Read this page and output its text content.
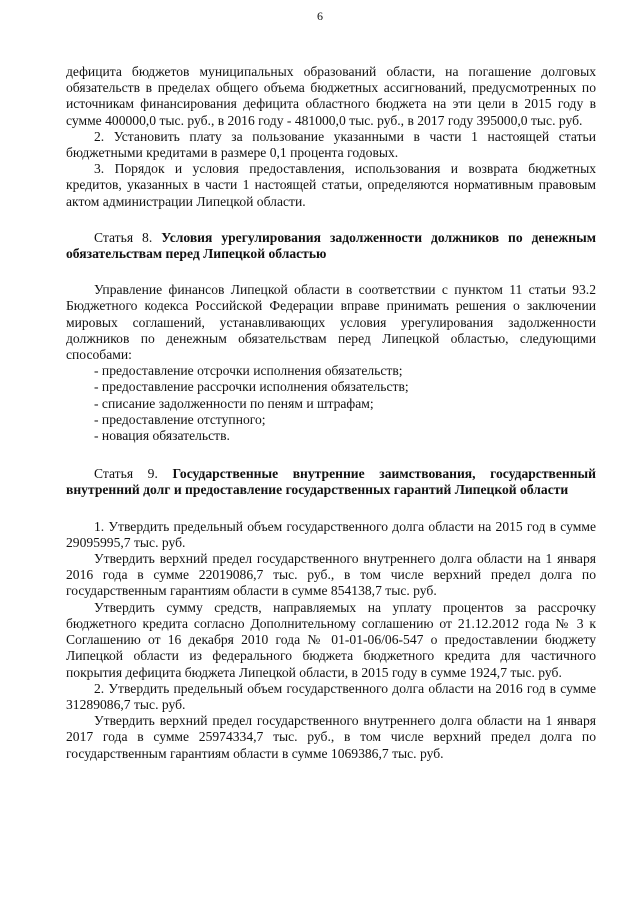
6

дефицита бюджетов муниципальных образований области, на погашение долговых обязательств в пределах общего объема бюджетных ассигнований, предусмотренных по источникам финансирования дефицита областного бюджета на эти цели в 2015 году в сумме 400000,0 тыс. руб., в 2016 году - 481000,0 тыс. руб., в 2017 году 395000,0 тыс. руб.

2. Установить плату за пользование указанными в части 1 настоящей статьи бюджетными кредитами в размере 0,1 процента годовых.

3. Порядок и условия предоставления, использования и возврата бюджетных кредитов, указанных в части 1 настоящей статьи, определяются нормативным правовым актом администрации Липецкой области.

Статья 8. Условия урегулирования задолженности должников по денежным обязательствам перед Липецкой областью

Управление финансов Липецкой области в соответствии с пунктом 11 статьи 93.2 Бюджетного кодекса Российской Федерации вправе принимать решения о заключении мировых соглашений, устанавливающих условия урегулирования задолженности должников по денежным обязательствам перед Липецкой областью, следующими способами:

- предоставление отсрочки исполнения обязательств;
- предоставление рассрочки исполнения обязательств;
- списание задолженности по пеням и штрафам;
- предоставление отступного;
- новация обязательств.

Статья 9. Государственные внутренние заимствования, государственный внутренний долг и предоставление государственных гарантий Липецкой области

1. Утвердить предельный объем государственного долга области на 2015 год в сумме 29095995,7 тыс. руб.

Утвердить верхний предел государственного внутреннего долга области на 1 января 2016 года в сумме 22019086,7 тыс. руб., в том числе верхний предел долга по государственным гарантиям области в сумме 854138,7 тыс. руб.

Утвердить сумму средств, направляемых на уплату процентов за рассрочку бюджетного кредита согласно Дополнительному соглашению от 21.12.2012 года № 3 к Соглашению от 16 декабря 2010 года № 01-01-06/06-547 о предоставлении бюджету Липецкой области из федерального бюджета бюджетного кредита для частичного покрытия дефицита бюджета Липецкой области, в 2015 году в сумме 1924,7 тыс. руб.

2. Утвердить предельный объем государственного долга области на 2016 год в сумме 31289086,7 тыс. руб.

Утвердить верхний предел государственного внутреннего долга области на 1 января 2017 года в сумме 25974334,7 тыс. руб., в том числе верхний предел долга по государственным гарантиям области в сумме 1069386,7 тыс. руб.
